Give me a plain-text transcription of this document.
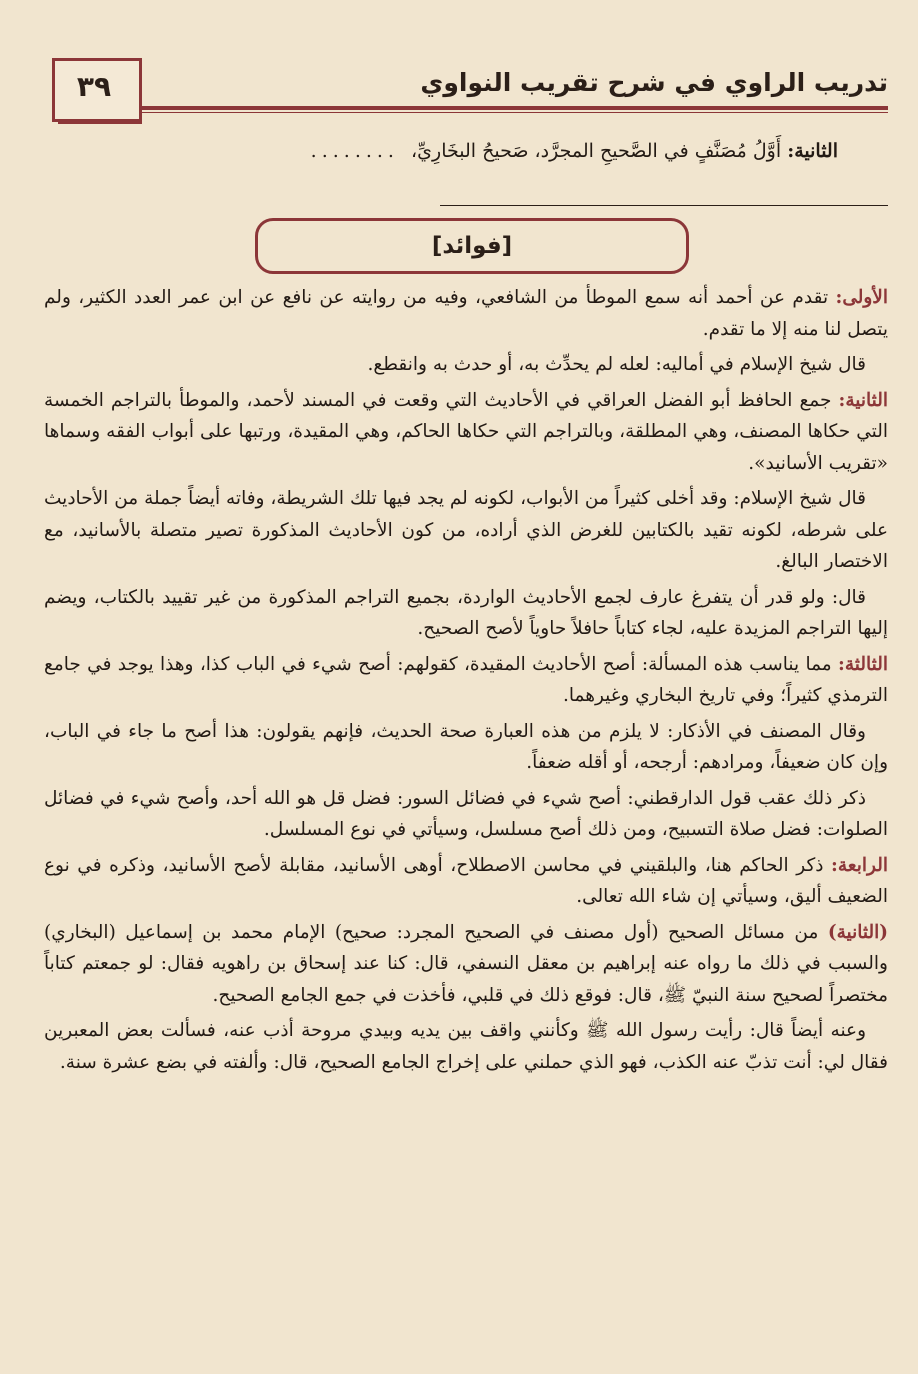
تدريب الراوي في شرح تقريب النواوي
٣٩
الثانية: أَوَّلُ مُصَنَّفٍ في الصَّحيحِ المجرَّد، صَحيحُ البخَارِيِّ، ........
[فوائد]

الأولى: تقدم عن أحمد أنه سمع الموطأ من الشافعي، وفيه من روايته عن نافع عن ابن عمر العدد الكثير، ولم يتصل لنا منه إلا ما تقدم.

قال شيخ الإسلام في أماليه: لعله لم يحدِّث به، أو حدث به وانقطع.

الثانية: جمع الحافظ أبو الفضل العراقي في الأحاديث التي وقعت في المسند لأحمد، والموطأ بالتراجم الخمسة التي حكاها المصنف، وهي المطلقة، وبالتراجم التي حكاها الحاكم، وهي المقيدة، ورتبها على أبواب الفقه وسماها «تقريب الأسانيد».

قال شيخ الإسلام: وقد أخلى كثيراً من الأبواب، لكونه لم يجد فيها تلك الشريطة، وفاته أيضاً جملة من الأحاديث على شرطه، لكونه تقيد بالكتابين للغرض الذي أراده، من كون الأحاديث المذكورة تصير متصلة بالأسانيد، مع الاختصار البالغ.

قال: ولو قدر أن يتفرغ عارف لجمع الأحاديث الواردة، بجميع التراجم المذكورة من غير تقييد بالكتاب، ويضم إليها التراجم المزيدة عليه، لجاء كتاباً حافلاً حاوياً لأصح الصحيح.

الثالثة: مما يناسب هذه المسألة: أصح الأحاديث المقيدة، كقولهم: أصح شيء في الباب كذا، وهذا يوجد في جامع الترمذي كثيراً؛ وفي تاريخ البخاري وغيرهما.

وقال المصنف في الأذكار: لا يلزم من هذه العبارة صحة الحديث، فإنهم يقولون: هذا أصح ما جاء في الباب، وإن كان ضعيفاً، ومرادهم: أرجحه، أو أقله ضعفاً.

ذكر ذلك عقب قول الدارقطني: أصح شيء في فضائل السور: فضل قل هو الله أحد، وأصح شيء في فضائل الصلوات: فضل صلاة التسبيح، ومن ذلك أصح مسلسل، وسيأتي في نوع المسلسل.

الرابعة: ذكر الحاكم هنا، والبلقيني في محاسن الاصطلاح، أوهى الأسانيد، مقابلة لأصح الأسانيد، وذكره في نوع الضعيف أليق، وسيأتي إن شاء الله تعالى.

(الثانية) من مسائل الصحيح (أول مصنف في الصحيح المجرد: صحيح) الإمام محمد بن إسماعيل (البخاري) والسبب في ذلك ما رواه عنه إبراهيم بن معقل النسفي، قال: كنا عند إسحاق بن راهويه فقال: لو جمعتم كتاباً مختصراً لصحيح سنة النبيّ ﷺ، قال: فوقع ذلك في قلبي، فأخذت في جمع الجامع الصحيح.

وعنه أيضاً قال: رأيت رسول الله ﷺ وكأنني واقف بين يديه وبيدي مروحة أذب عنه، فسألت بعض المعبرين فقال لي: أنت تذبّ عنه الكذب، فهو الذي حملني على إخراج الجامع الصحيح، قال: وألفته في بضع عشرة سنة.
